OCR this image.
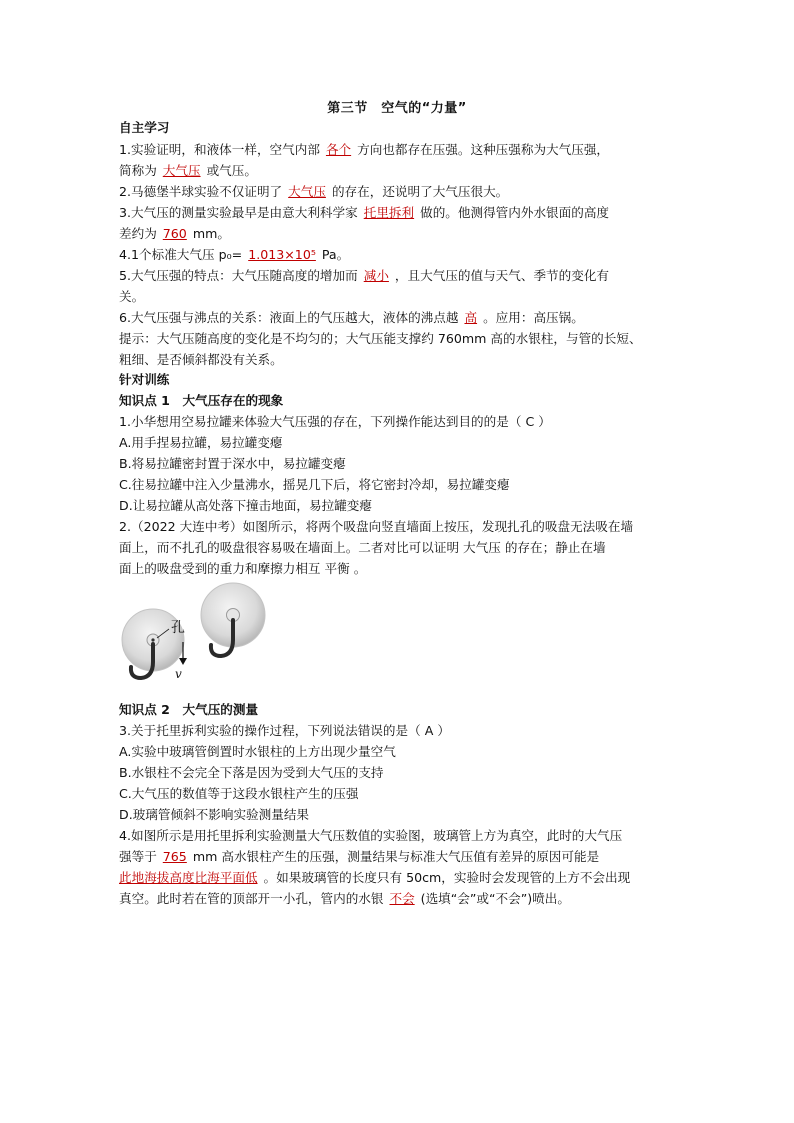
第三节　空气的“力量”
自主学习
1.实验证明，和液体一样，空气内部 各个 方向也都存在压强。这种压强称为大气压强，
简称为 大气压 或气压。
2.马德堡半球实验不仅证明了 大气压 的存在，还说明了大气压很大。
3.大气压的测量实验最早是由意大利科学家 托里拆利 做的。他测得管内外水银面的高度
差约为 760 mm。
4.1个标准大气压 p₀= 1.013×10⁵ Pa。
5.大气压强的特点：大气压随高度的增加而 减小 ，且大气压的值与天气、季节的变化有
关。
6.大气压强与沸点的关系：液面上的气压越大，液体的沸点越 高 。应用：高压锅。
提示：大气压随高度的变化是不均匀的；大气压能支撑约 760mm 高的水银柱，与管的长短、
粗细、是否倾斜都没有关系。
针对训练
知识点 1　大气压存在的现象
1.小华想用空易拉罐来体验大气压强的存在，下列操作能达到目的的是（ C ）
A.用手捏易拉罐，易拉罐变瘪
B.将易拉罐密封置于深水中，易拉罐变瘪
C.往易拉罐中注入少量沸水，摇晃几下后，将它密封冷却，易拉罐变瘪
D.让易拉罐从高处落下撞击地面，易拉罐变瘪
2.（2022 大连中考）如图所示，将两个吸盘向竖直墙面上按压，发现扎孔的吸盘无法吸在墙
面上，而不扎孔的吸盘很容易吸在墙面上。二者对比可以证明 大气压 的存在；静止在墙
面上的吸盘受到的重力和摩擦力相互 平衡 。
孔
v
知识点 2　大气压的测量
3.关于托里拆利实验的操作过程，下列说法错误的是（ A ）
A.实验中玻璃管倒置时水银柱的上方出现少量空气
B.水银柱不会完全下落是因为受到大气压的支持
C.大气压的数值等于这段水银柱产生的压强
D.玻璃管倾斜不影响实验测量结果
4.如图所示是用托里拆利实验测量大气压数值的实验图，玻璃管上方为真空，此时的大气压
强等于 765 mm 高水银柱产生的压强，测量结果与标准大气压值有差异的原因可能是
此地海拔高度比海平面低 。如果玻璃管的长度只有 50cm，实验时会发现管的上方不会出现
真空。此时若在管的顶部开一小孔，管内的水银 不会 (选填“会”或“不会”)喷出。
